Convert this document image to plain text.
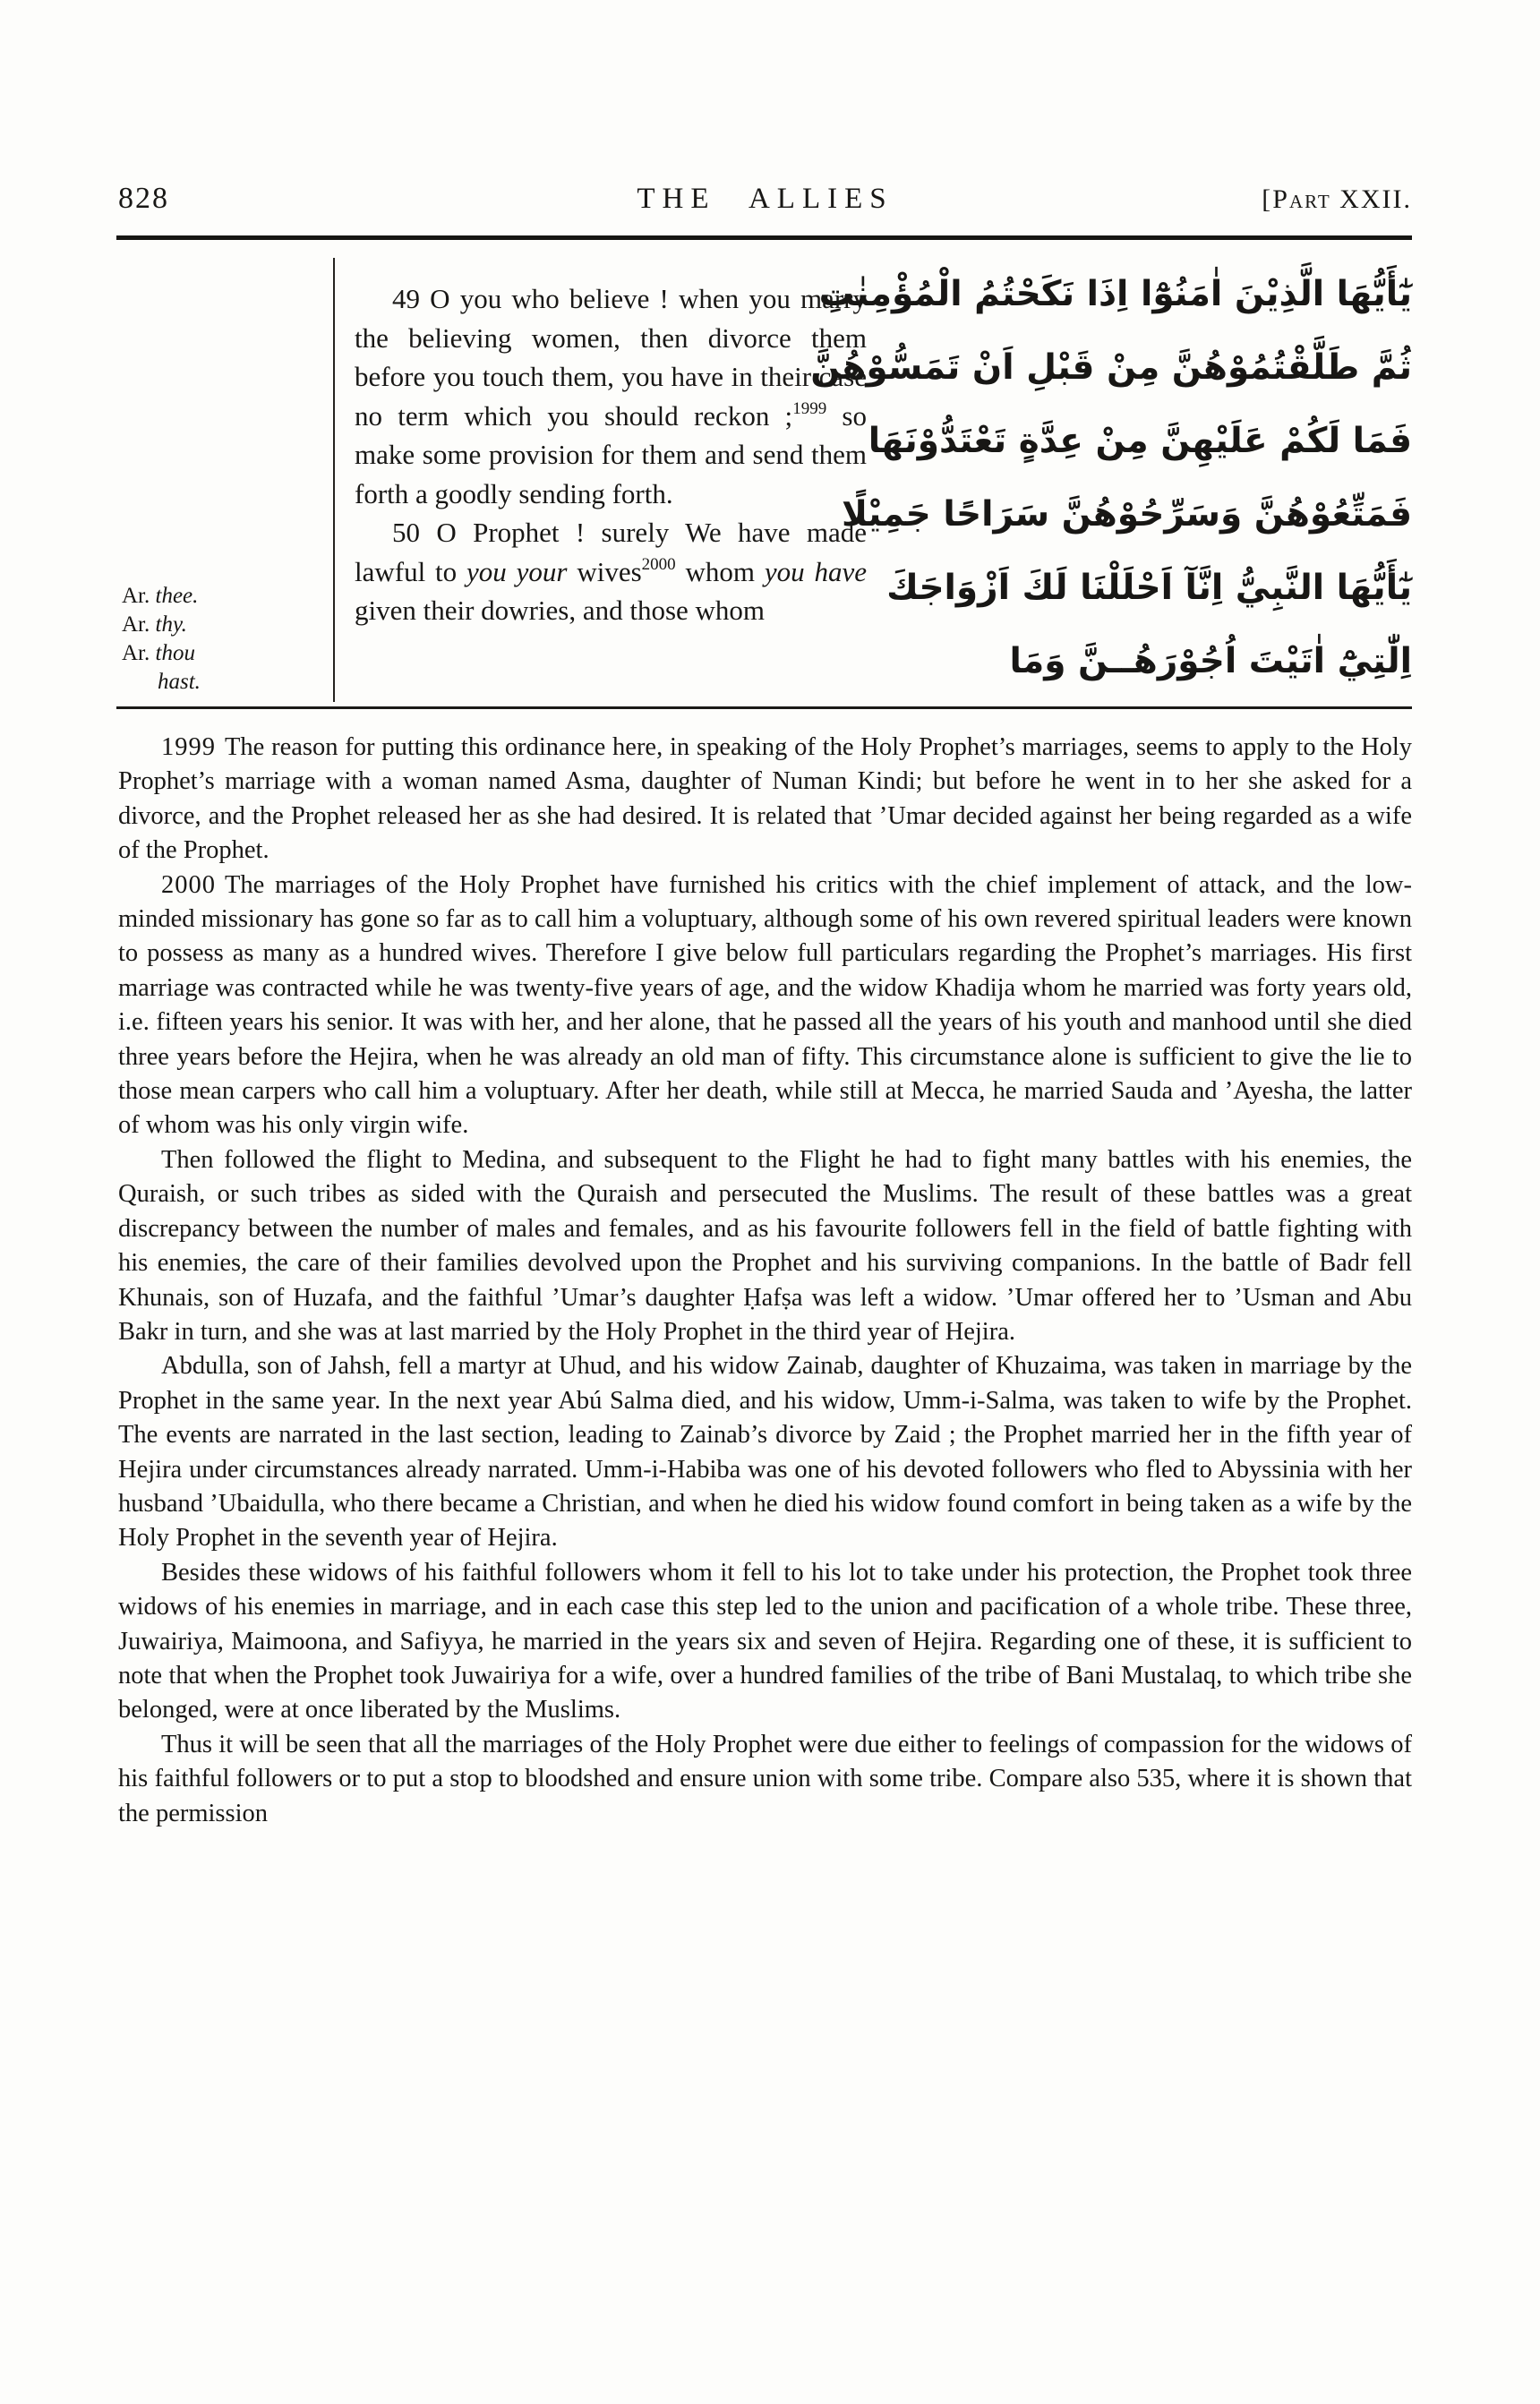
828	THE ALLIES	[Part XXII.
Ar. thee.
Ar. thy.
Ar. thou
hast.

49 O you who believe ! when you marry the believing women, then divorce them before you touch them, you have in their case no term which you should reckon ;$^{1999}$ so make some provision for them and send them forth a goodly sending forth.

50 O Prophet ! surely We have made lawful to you your wives$^{2000}$ whom you have given their dowries, and those whom

يٰٓأَيُّهَا الَّذِيْنَ اٰمَنُوْٓا اِذَا نَكَحْتُمُ الْمُؤْمِنٰتِ
ثُمَّ طَلَّقْتُمُوْهُنَّ مِنْ قَبْلِ اَنْ تَمَسُّوْهُنَّ
فَمَا لَكُمْ عَلَيْهِنَّ مِنْ عِدَّةٍ تَعْتَدُّوْنَهَا
فَمَتِّعُوْهُنَّ وَسَرِّحُوْهُنَّ سَرَاحًا جَمِيْلًا
يٰٓأَيُّهَا النَّبِيُّ اِنَّآ اَحْلَلْنَا لَكَ اَزْوَاجَكَ
اِلّٰتِيْٓ اٰتَيْتَ اُجُوْرَهُــنَّ وَمَا

1999 The reason for putting this ordinance here, in speaking of the Holy Prophet’s marriages, seems to apply to the Holy Prophet’s marriage with a woman named Asma, daughter of Numan Kindi; but before he went in to her she asked for a divorce, and the Prophet released her as she had desired. It is related that ’Umar decided against her being regarded as a wife of the Prophet.

2000 The marriages of the Holy Prophet have furnished his critics with the chief implement of attack, and the low-minded missionary has gone so far as to call him a voluptuary, although some of his own revered spiritual leaders were known to possess as many as a hundred wives. Therefore I give below full particulars regarding the Prophet’s marriages. His first marriage was contracted while he was twenty-five years of age, and the widow Khadija whom he married was forty years old, i.e. fifteen years his senior. It was with her, and her alone, that he passed all the years of his youth and manhood until she died three years before the Hejira, when he was already an old man of fifty. This circumstance alone is sufficient to give the lie to those mean carpers who call him a voluptuary. After her death, while still at Mecca, he married Sauda and ’Ayesha, the latter of whom was his only virgin wife.

Then followed the flight to Medina, and subsequent to the Flight he had to fight many battles with his enemies, the Quraish, or such tribes as sided with the Quraish and persecuted the Muslims. The result of these battles was a great discrepancy between the number of males and females, and as his favourite followers fell in the field of battle fighting with his enemies, the care of their families devolved upon the Prophet and his surviving companions. In the battle of Badr fell Khunais, son of Huzafa, and the faithful ’Umar’s daughter Ḥafṣa was left a widow. ’Umar offered her to ’Usman and Abu Bakr in turn, and she was at last married by the Holy Prophet in the third year of Hejira.

Abdulla, son of Jahsh, fell a martyr at Uhud, and his widow Zainab, daughter of Khuzaima, was taken in marriage by the Prophet in the same year. In the next year Abú Salma died, and his widow, Umm-i-Salma, was taken to wife by the Prophet. The events are narrated in the last section, leading to Zainab’s divorce by Zaid ; the Prophet married her in the fifth year of Hejira under circumstances already narrated. Umm-i-Habiba was one of his devoted followers who fled to Abyssinia with her husband ’Ubaidulla, who there became a Christian, and when he died his widow found comfort in being taken as a wife by the Holy Prophet in the seventh year of Hejira.

Besides these widows of his faithful followers whom it fell to his lot to take under his protection, the Prophet took three widows of his enemies in marriage, and in each case this step led to the union and pacification of a whole tribe. These three, Juwairiya, Maimoona, and Safiyya, he married in the years six and seven of Hejira. Regarding one of these, it is sufficient to note that when the Prophet took Juwairiya for a wife, over a hundred families of the tribe of Bani Mustalaq, to which tribe she belonged, were at once liberated by the Muslims.

Thus it will be seen that all the marriages of the Holy Prophet were due either to feelings of compassion for the widows of his faithful followers or to put a stop to bloodshed and ensure union with some tribe. Compare also 535, where it is shown that the permission
